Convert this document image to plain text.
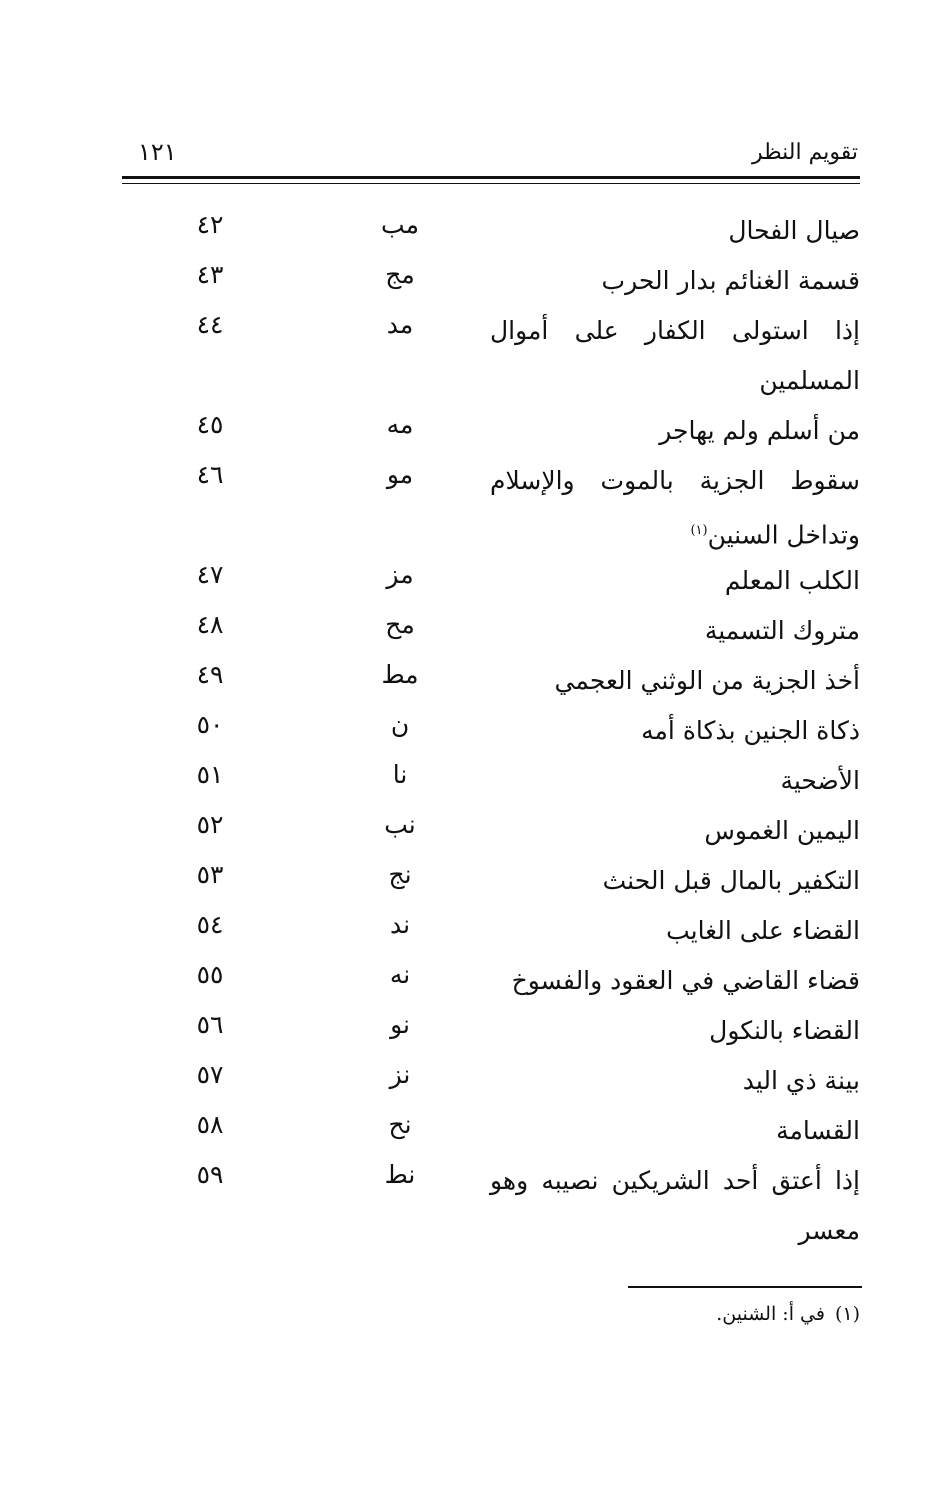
تقويم النظر
١٢١
صيال الفحال
مب
٤٢
قسمة الغنائم بدار الحرب
مج
٤٣
إذا استولى الكفار على أموال المسلمين
مد
٤٤
من أسلم ولم يهاجر
مه
٤٥
سقوط الجزية بالموت والإسلام وتداخل السنين$^{(١)}$
مو
٤٦
الكلب المعلم
مز
٤٧
متروك التسمية
مح
٤٨
أخذ الجزية من الوثني العجمي
مط
٤٩
ذكاة الجنين بذكاة أمه
ن
٥٠
الأضحية
نا
٥١
اليمين الغموس
نب
٥٢
التكفير بالمال قبل الحنث
نج
٥٣
القضاء على الغايب
ند
٥٤
قضاء القاضي في العقود والفسوخ
نه
٥٥
القضاء بالنكول
نو
٥٦
بينة ذي اليد
نز
٥٧
القسامة
نح
٥٨
إذا أعتق أحد الشريكين نصيبه وهو معسر
نط
٥٩
(١)في أ: الشنين.
